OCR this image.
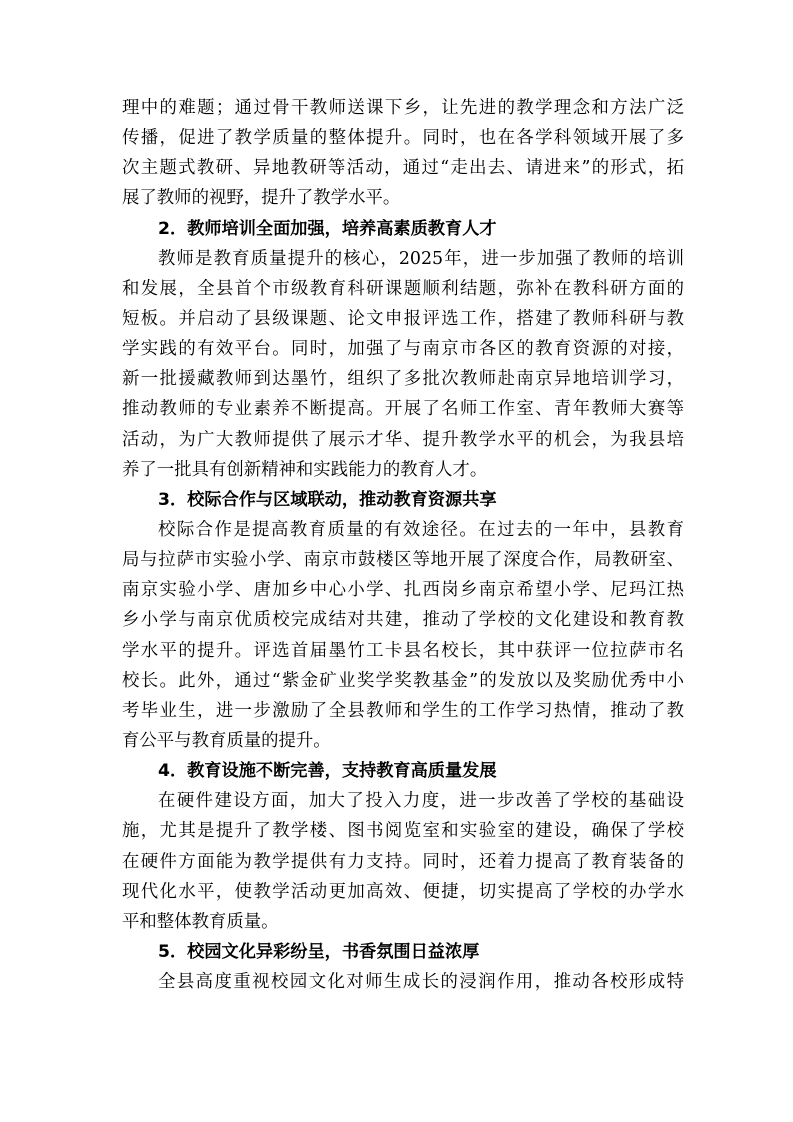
理中的难题；通过骨干教师送课下乡，让先进的教学理念和方法广泛
传播，促进了教学质量的整体提升。同时，也在各学科领域开展了多
次主题式教研、异地教研等活动，通过“走出去、请进来”的形式，拓
展了教师的视野，提升了教学水平。
2．教师培训全面加强，培养高素质教育人才
教师是教育质量提升的核心，2025年，进一步加强了教师的培训
和发展，全县首个市级教育科研课题顺利结题，弥补在教科研方面的
短板。并启动了县级课题、论文申报评选工作，搭建了教师科研与教
学实践的有效平台。同时，加强了与南京市各区的教育资源的对接，
新一批援藏教师到达墨竹，组织了多批次教师赴南京异地培训学习，
推动教师的专业素养不断提高。开展了名师工作室、青年教师大赛等
活动，为广大教师提供了展示才华、提升教学水平的机会，为我县培
养了一批具有创新精神和实践能力的教育人才。
3．校际合作与区域联动，推动教育资源共享
校际合作是提高教育质量的有效途径。在过去的一年中，县教育
局与拉萨市实验小学、南京市鼓楼区等地开展了深度合作，局教研室、
南京实验小学、唐加乡中心小学、扎西岗乡南京希望小学、尼玛江热
乡小学与南京优质校完成结对共建，推动了学校的文化建设和教育教
学水平的提升。评选首届墨竹工卡县名校长，其中获评一位拉萨市名
校长。此外，通过“紫金矿业奖学奖教基金”的发放以及奖励优秀中小
考毕业生，进一步激励了全县教师和学生的工作学习热情，推动了教
育公平与教育质量的提升。
4．教育设施不断完善，支持教育高质量发展
在硬件建设方面，加大了投入力度，进一步改善了学校的基础设
施，尤其是提升了教学楼、图书阅览室和实验室的建设，确保了学校
在硬件方面能为教学提供有力支持。同时，还着力提高了教育装备的
现代化水平，使教学活动更加高效、便捷，切实提高了学校的办学水
平和整体教育质量。
5．校园文化异彩纷呈，书香氛围日益浓厚
全县高度重视校园文化对师生成长的浸润作用，推动各校形成特
